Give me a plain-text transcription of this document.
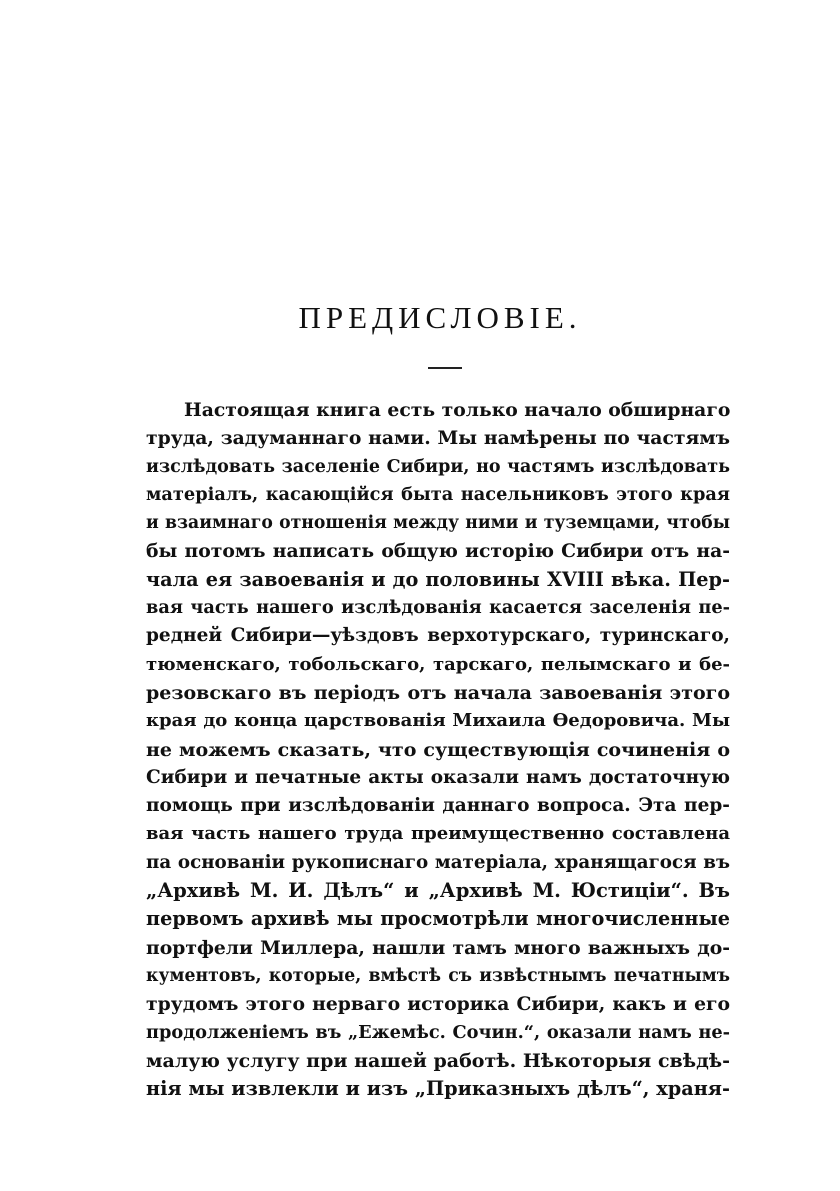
ПРЕДИСЛОВІЕ.
Настоящая книга есть только начало обширнаго
труда, задуманнаго нами. Мы намѣрены по частямъ
изслѣдовать заселеніе Сибири, но частямъ изслѣдовать
матеріалъ, касающійся быта насельниковъ этого края
и взаимнаго отношенія между ними и туземцами, чтобы
бы потомъ написать общую исторію Сибири отъ на-
чала ея завоеванія и до половины XVIII вѣка. Пер-
вая часть нашего изслѣдованія касается заселенія пе-
редней Сибири—уѣздовъ верхотурскаго, туринскаго,
тюменскаго, тобольскаго, тарскаго, пелымскаго и бе-
резовскаго въ періодъ отъ начала завоеванія этого
края до конца царствованія Михаила Өедоровича. Мы
не можемъ сказать, что существующія сочиненія о
Сибири и печатные акты оказали намъ достаточную
помощь при изслѣдованіи даннаго вопроса. Эта пер-
вая часть нашего труда преимущественно составлена
па основаніи рукописнаго матеріала, хранящагося въ
„Архивѣ М. И. Дѣлъ“ и „Архивѣ М. Юстиціи“. Въ
первомъ архивѣ мы просмотрѣли многочисленные
портфели Миллера, нашли тамъ много важныхъ до-
кументовъ, которые, вмѣстѣ съ извѣстнымъ печатнымъ
трудомъ этого нерваго историка Сибири, какъ и его
продолженіемъ въ „Ежемѣс. Сочин.“, оказали намъ не-
малую услугу при нашей работѣ. Нѣкоторыя свѣдѣ-
нія мы извлекли и изъ „Приказныхъ дѣлъ“, храня-
